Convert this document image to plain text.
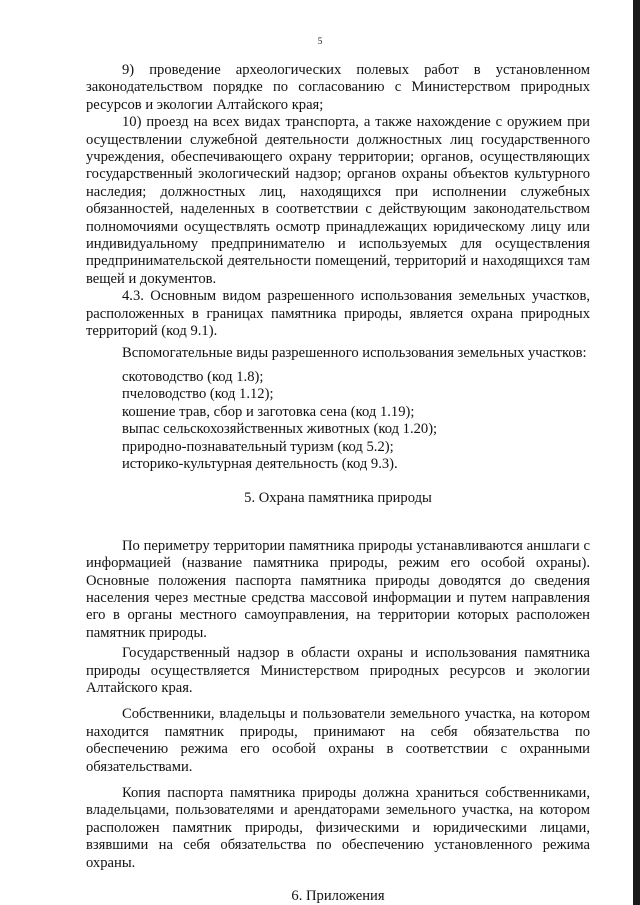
5

9) проведение археологических полевых работ в установленном законодательством порядке по согласованию с Министерством природных ресурсов и экологии Алтайского края;

10) проезд на всех видах транспорта, а также нахождение с оружием при осуществлении служебной деятельности должностных лиц государственного учреждения, обеспечивающего охрану территории; органов, осуществляющих государственный экологический надзор; органов охраны объектов культурного наследия; должностных лиц, находящихся при исполнении служебных обязанностей, наделенных в соответствии с действующим законодательством полномочиями осуществлять осмотр принадлежащих юридическому лицу или индивидуальному предпринимателю и используемых для осуществления предпринимательской деятельности помещений, территорий и находящихся там вещей и документов.

4.3. Основным видом разрешенного использования земельных участков, расположенных в границах памятника природы, является охрана природных территорий (код 9.1).

Вспомогательные виды разрешенного использования земельных участков:

скотоводство (код 1.8);
пчеловодство (код 1.12);
кошение трав, сбор и заготовка сена (код 1.19);
выпас сельскохозяйственных животных (код 1.20);
природно-познавательный туризм (код 5.2);
историко-культурная деятельность (код 9.3).
5. Охрана памятника природы

По периметру территории памятника природы устанавливаются аншлаги с информацией (название памятника природы, режим его особой охраны). Основные положения паспорта памятника природы доводятся до сведения населения через местные средства массовой информации и путем направления его в органы местного самоуправления, на территории которых расположен памятник природы.

Государственный надзор в области охраны и использования памятника природы осуществляется Министерством природных ресурсов и экологии Алтайского края.

Собственники, владельцы и пользователи земельного участка, на котором находится памятник природы, принимают на себя обязательства по обеспечению режима его особой охраны в соответствии с охранными обязательствами.

Копия паспорта памятника природы должна храниться собственниками, владельцами, пользователями и арендаторами земельного участка, на котором расположен памятник природы, физическими и юридическими лицами, взявшими на себя обязательства по обеспечению установленного режима охраны.

6. Приложения
